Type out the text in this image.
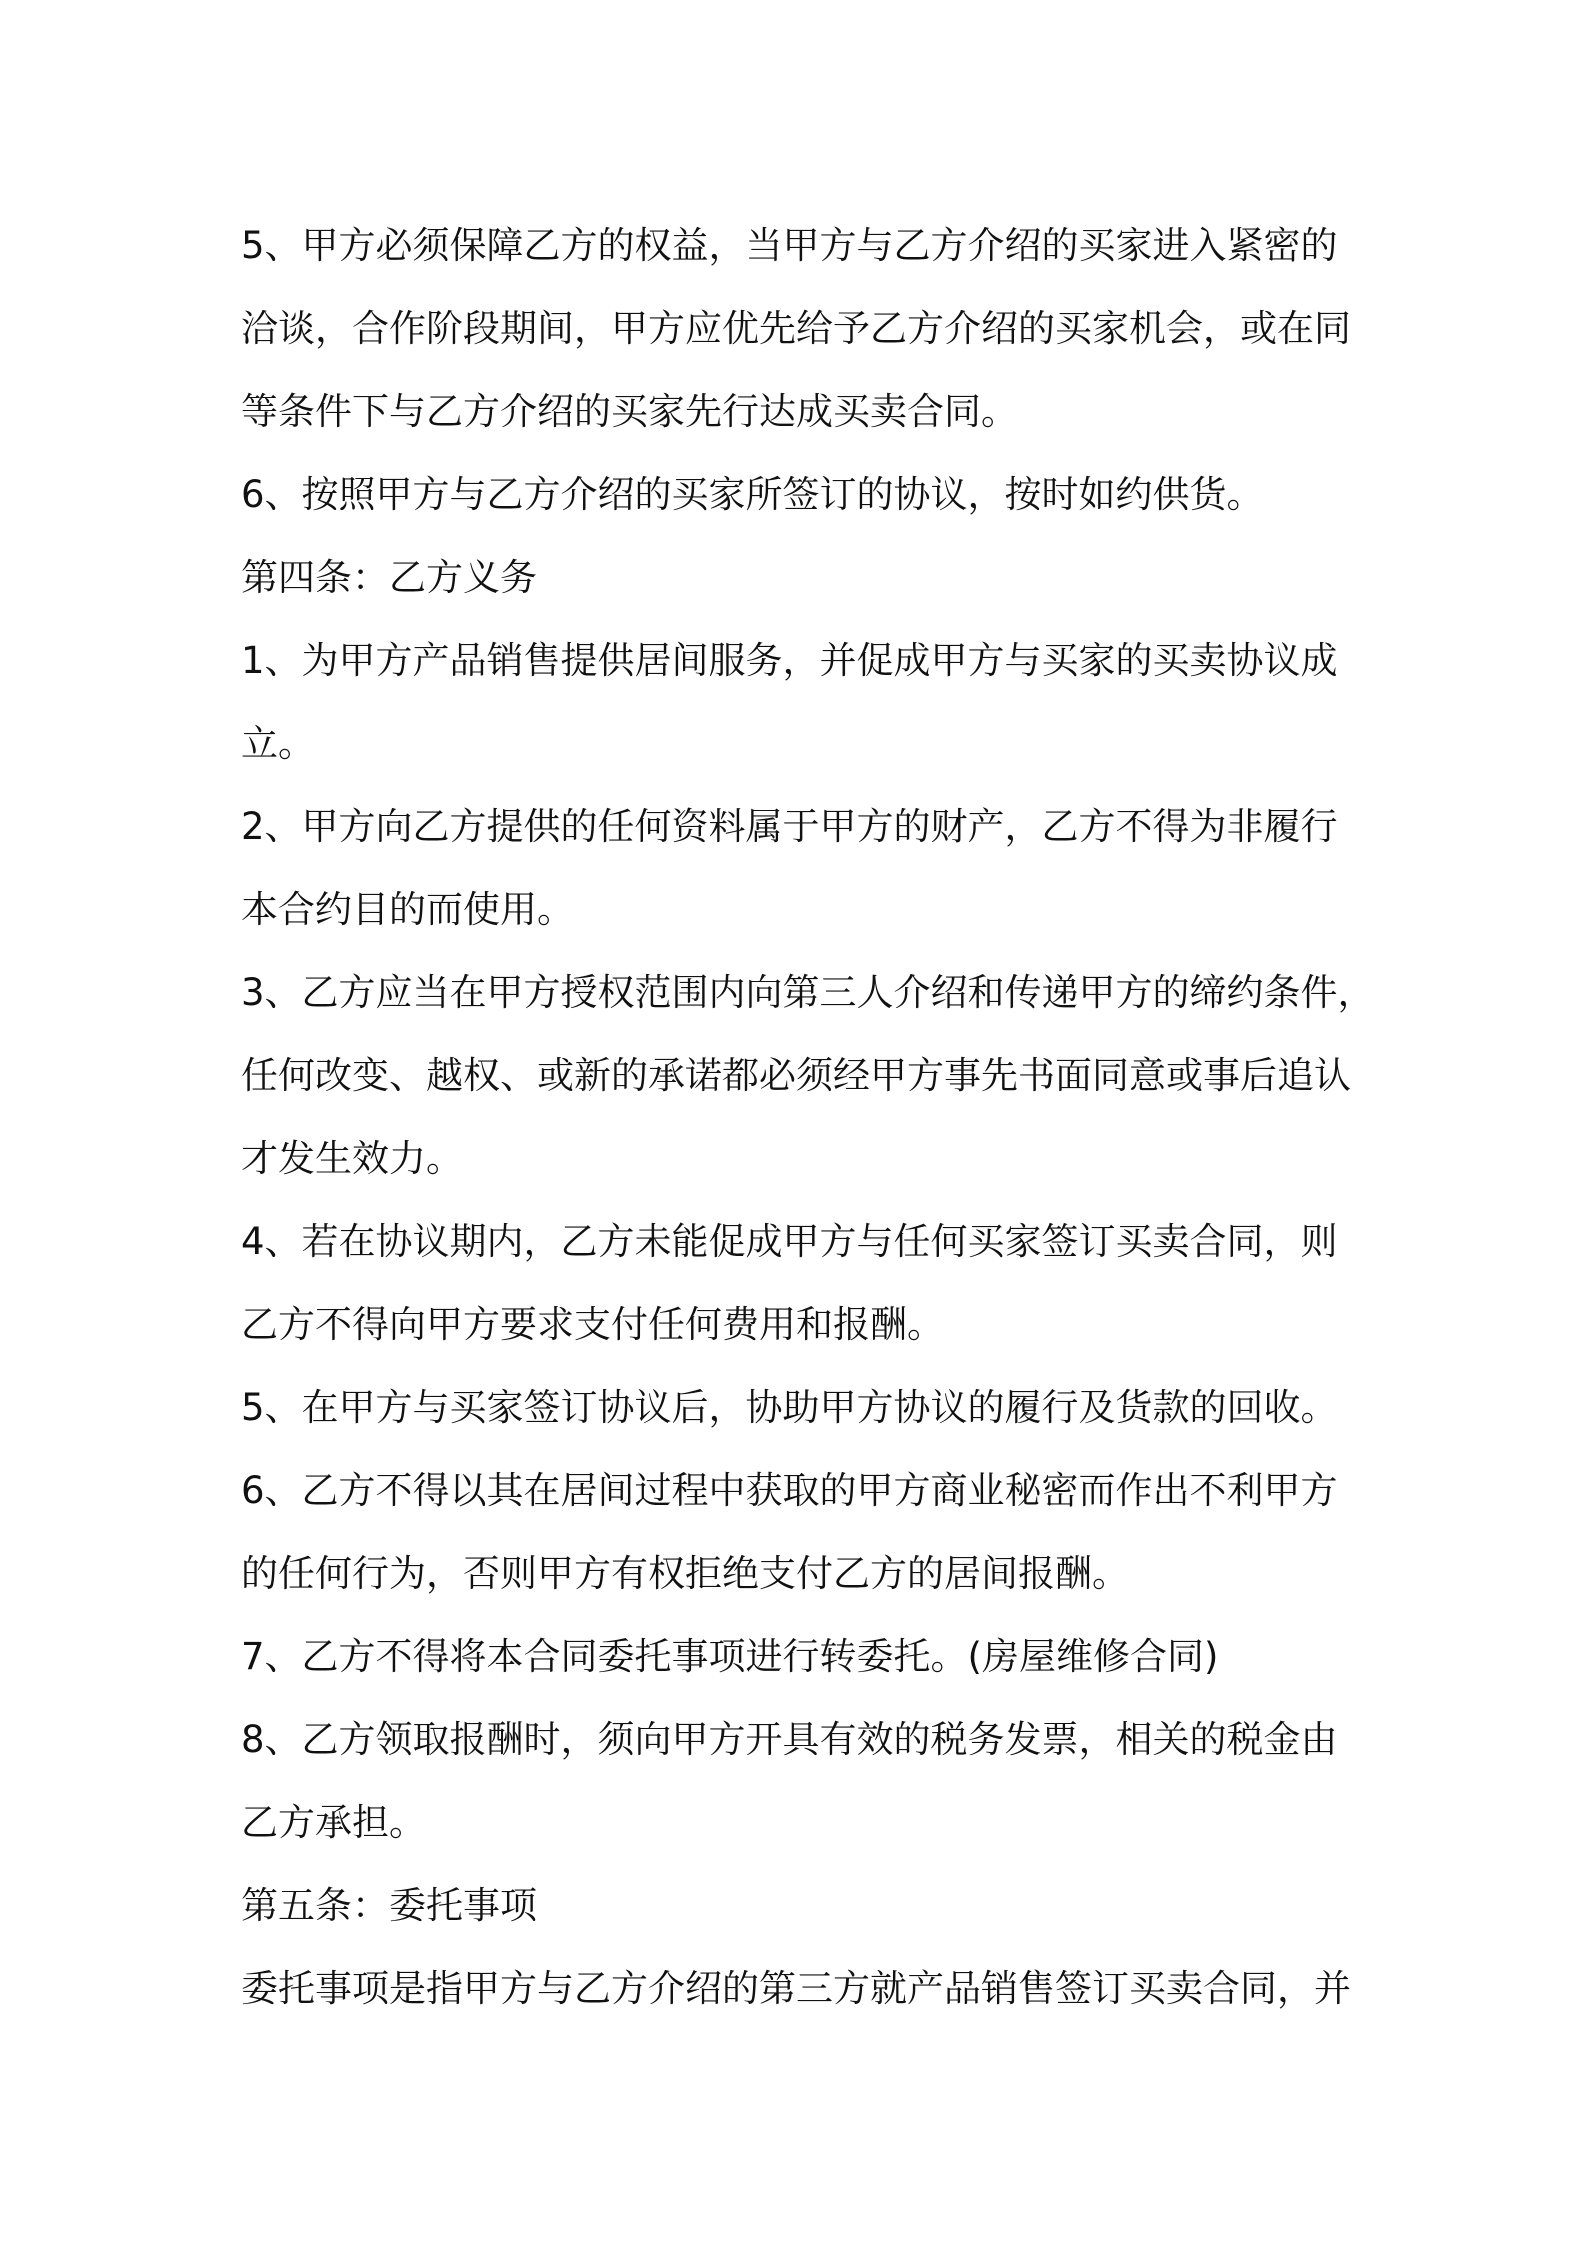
5、甲方必须保障乙方的权益，当甲方与乙方介绍的买家进入紧密的

洽谈，合作阶段期间，甲方应优先给予乙方介绍的买家机会，或在同

等条件下与乙方介绍的买家先行达成买卖合同。

6、按照甲方与乙方介绍的买家所签订的协议，按时如约供货。

第四条：乙方义务

1、为甲方产品销售提供居间服务，并促成甲方与买家的买卖协议成

立。

2、甲方向乙方提供的任何资料属于甲方的财产，乙方不得为非履行

本合约目的而使用。

3、乙方应当在甲方授权范围内向第三人介绍和传递甲方的缔约条件，

任何改变、越权、或新的承诺都必须经甲方事先书面同意或事后追认

才发生效力。

4、若在协议期内，乙方未能促成甲方与任何买家签订买卖合同，则

乙方不得向甲方要求支付任何费用和报酬。

5、在甲方与买家签订协议后，协助甲方协议的履行及货款的回收。

6、乙方不得以其在居间过程中获取的甲方商业秘密而作出不利甲方

的任何行为，否则甲方有权拒绝支付乙方的居间报酬。

7、乙方不得将本合同委托事项进行转委托。(房屋维修合同)

8、乙方领取报酬时，须向甲方开具有效的税务发票，相关的税金由

乙方承担。

第五条：委托事项

委托事项是指甲方与乙方介绍的第三方就产品销售签订买卖合同，并
